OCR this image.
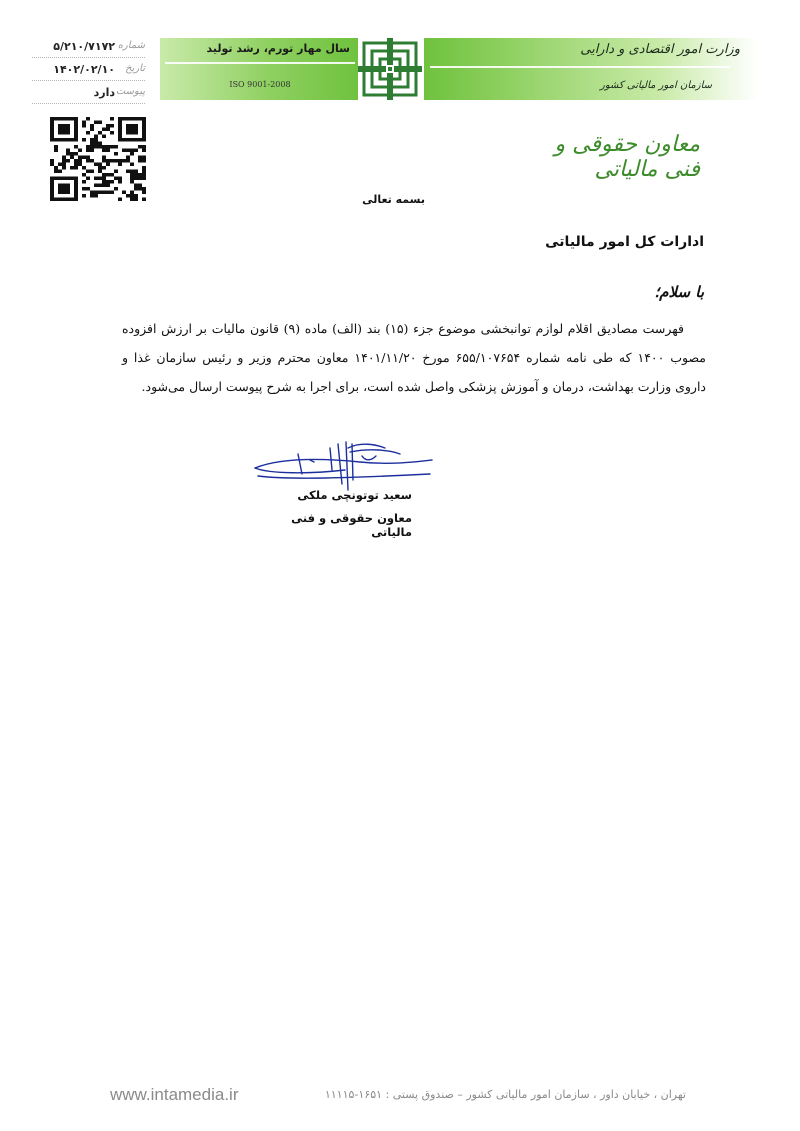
سال مهار تورم، رشد تولید
ISO 9001-2008
وزارت امور اقتصادی و دارایی
سازمان امور مالیاتی کشور
شماره
۵/۲۱۰/۷۱۷۲
تاریخ
۱۴۰۲/۰۲/۱۰
پیوست
دارد
معاون حقوقی و فنی مالیاتی
بسمه تعالی
ادارات کل امور مالیاتی
با سلام؛
فهرست مصادیق اقلام لوازم توانبخشی موضوع جزء (۱۵) بند (الف) ماده (۹) قانون مالیات بر ارزش افزوده مصوب ۱۴۰۰ که طی نامه شماره ۶۵۵/۱۰۷۶۵۴ مورخ ۱۴۰۱/۱۱/۲۰ معاون محترم وزیر و رئیس سازمان غذا و داروی وزارت بهداشت، درمان و آموزش پزشکی واصل شده است، برای اجرا به شرح پیوست ارسال می‌شود.
سعید توتونچی ملکی
معاون حقوقی و فنی مالیاتی
تهران ، خیابان داور ، سازمان امور مالیاتی کشور – صندوق پستی : ۱۶۵۱-۱۱۱۱۵
www.intamedia.ir
